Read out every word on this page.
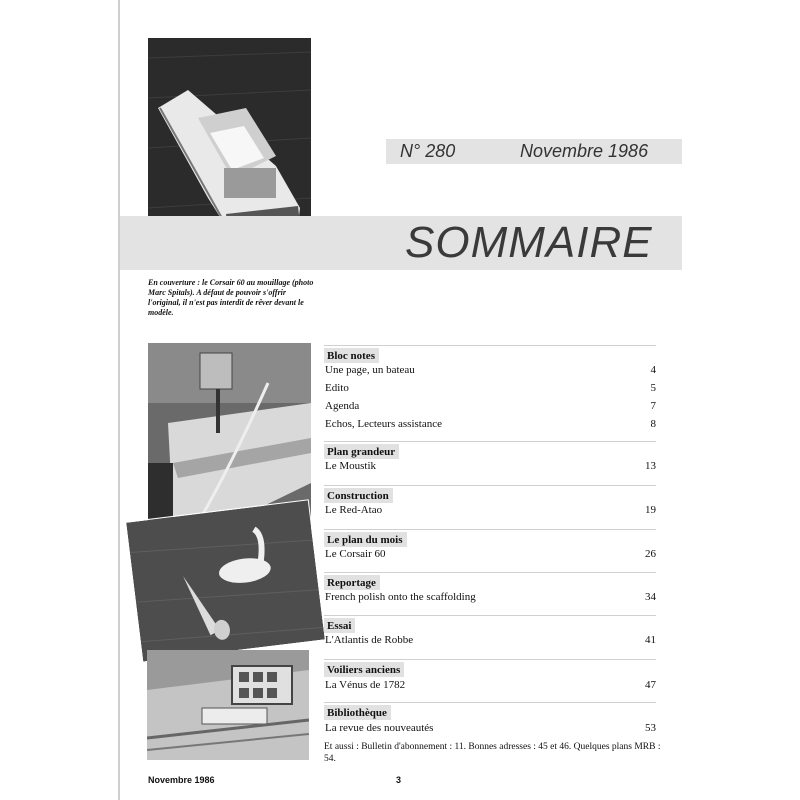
En couverture : le Corsair 60 au mouillage (photo Marc Spitals). A défaut de pouvoir s'offrir l'original, il n'est pas interdit de rêver devant le modèle.
N° 280	Novembre 1986
SOMMAIRE
Bloc notes
Une page, un bateau	4
Edito	5
Agenda	7
Echos, Lecteurs assistance	8
Plan grandeur
Le Moustik	13
Construction
Le Red-Atao	19
Le plan du mois
Le Corsair 60	26
Reportage
French polish onto the scaffolding	34
Essai
L'Atlantis de Robbe	41
Voiliers anciens
La Vénus de 1782	47
Bibliothèque
La revue des nouveautés	53
Et aussi : Bulletin d'abonnement : 11. Bonnes adresses : 45 et 46. Quelques plans MRB : 54.
Novembre 1986	3
